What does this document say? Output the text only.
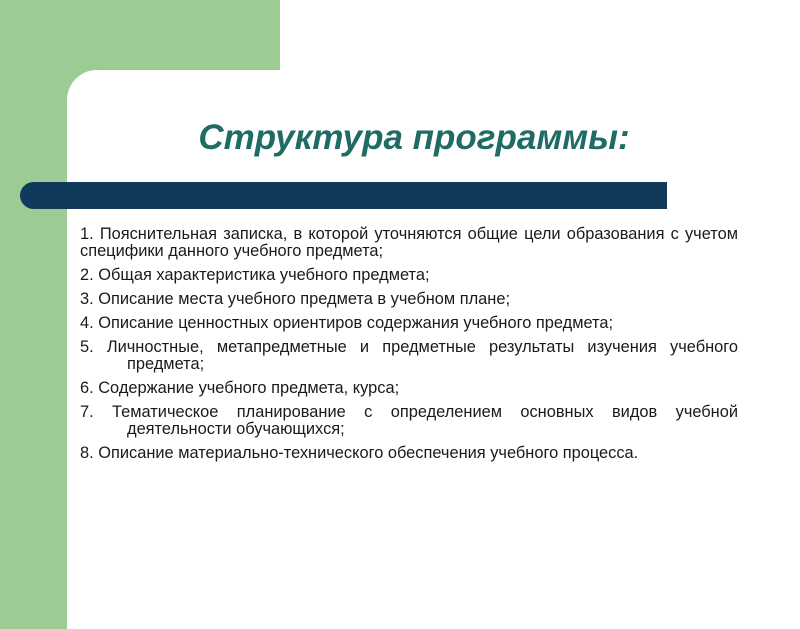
Структура программы:
1. Пояснительная записка, в которой уточняются общие цели образования с учетом специфики данного учебного предмета;
2. Общая характеристика учебного предмета;
3. Описание места учебного предмета в учебном плане;
4. Описание ценностных ориентиров содержания учебного предмета;
5. Личностные, метапредметные и предметные результаты изучения учебного предмета;
6. Содержание учебного предмета, курса;
7. Тематическое планирование с определением основных видов учебной деятельности обучающихся;
8. Описание материально-технического обеспечения учебного процесса.
